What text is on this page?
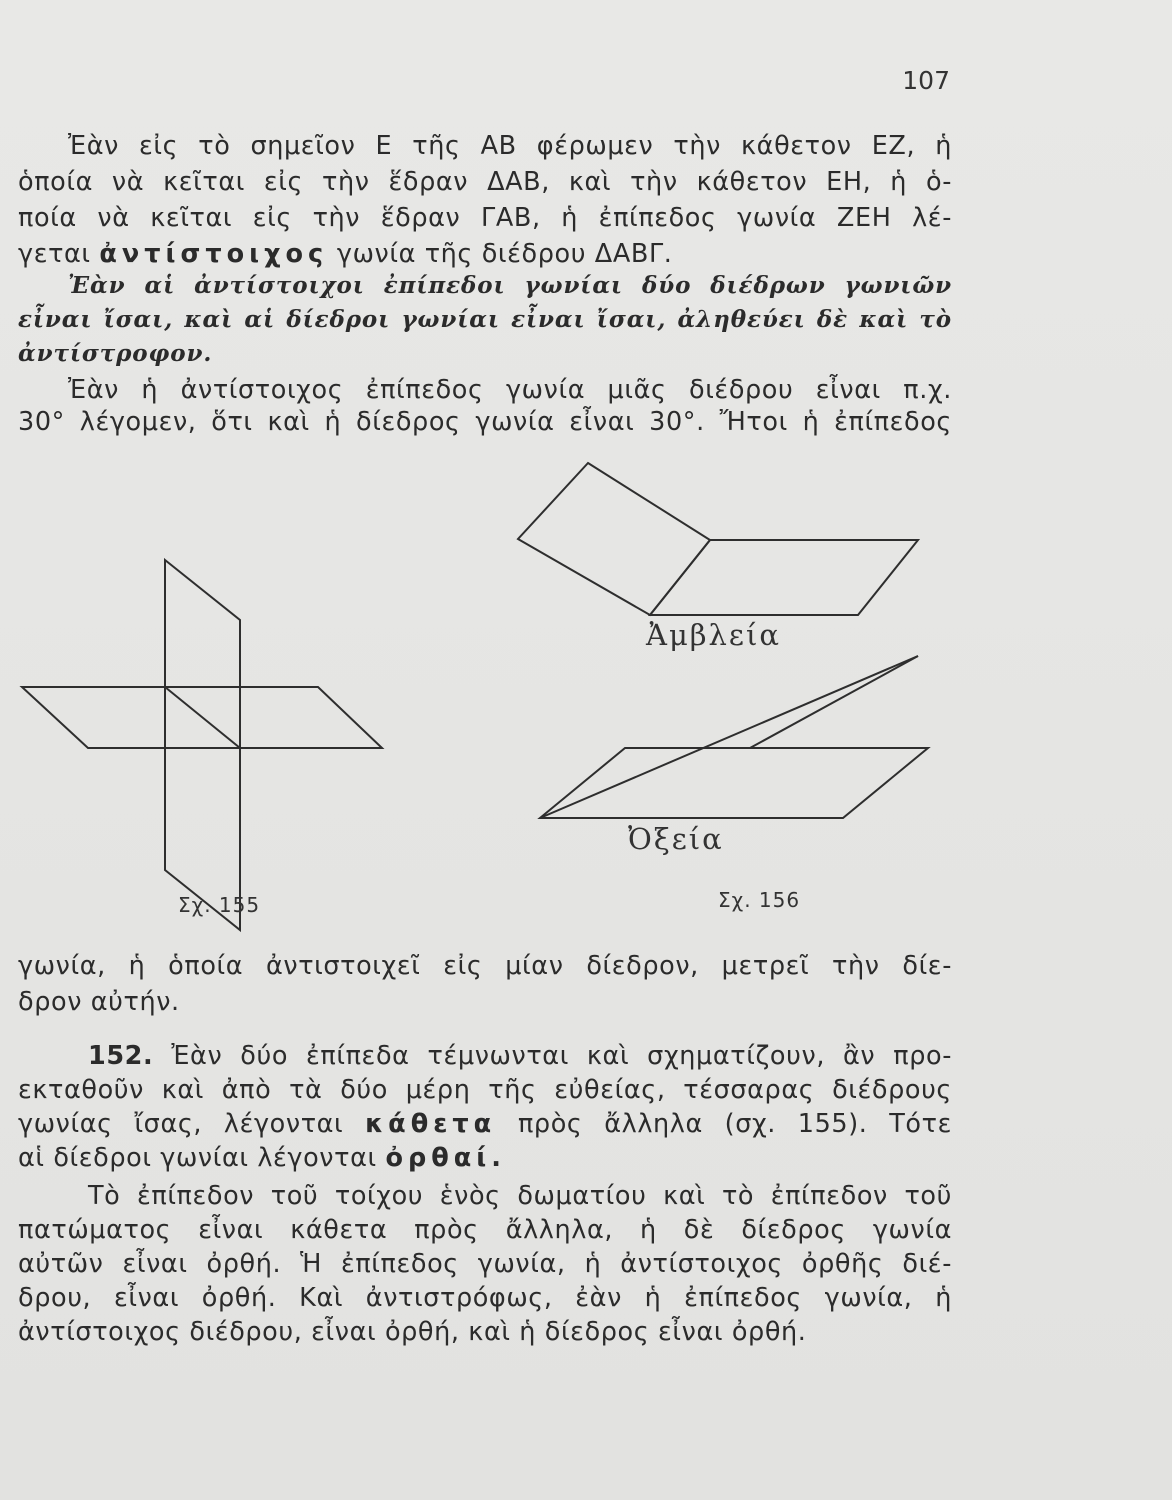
107
Ἐὰν εἰς τὸ σημεῖον Ε τῆς ΑΒ φέρωμεν τὴν κάθετον ΕΖ, ἡ
ὁποία νὰ κεῖται εἰς τὴν ἕδραν ΔΑΒ, καὶ τὴν κάθετον ΕΗ, ἡ ὁ-
ποία νὰ κεῖται εἰς τὴν ἕδραν ΓΑΒ, ἡ ἐπίπεδος γωνία ΖΕΗ λέ-
γεται ἀντίστοιχος γωνία τῆς διέδρου ΔΑΒΓ.
Ἐὰν αἱ ἀντίστοιχοι ἐπίπεδοι γωνίαι δύο διέδρων γωνιῶν
εἶναι ἴσαι, καὶ αἱ δίεδροι γωνίαι εἶναι ἴσαι, ἀληθεύει δὲ καὶ τὸ
ἀντίστροφον.
Ἐὰν ἡ ἀντίστοιχος ἐπίπεδος γωνία μιᾶς διέδρου εἶναι π.χ.
30° λέγομεν, ὅτι καὶ ἡ δίεδρος γωνία εἶναι 30°. Ἤτοι ἡ ἐπίπεδος
Ἀμβλεία
Ὀξεία
Σχ. 155	Σχ. 156
γωνία, ἡ ὁποία ἀντιστοιχεῖ εἰς μίαν δίεδρον, μετρεῖ τὴν δίε-
δρον αὐτήν.
152. Ἐὰν δύο ἐπίπεδα τέμνωνται καὶ σχηματίζουν, ἂν προ-
εκταθοῦν καὶ ἀπὸ τὰ δύο μέρη τῆς εὐθείας, τέσσαρας διέδρους
γωνίας ἴσας, λέγονται κάθετα πρὸς ἄλληλα (σχ. 155). Τότε
αἱ δίεδροι γωνίαι λέγονται ὀρθαί.
Τὸ ἐπίπεδον τοῦ τοίχου ἑνὸς δωματίου καὶ τὸ ἐπίπεδον τοῦ
πατώματος εἶναι κάθετα πρὸς ἄλληλα, ἡ δὲ δίεδρος γωνία
αὐτῶν εἶναι ὀρθή. Ἡ ἐπίπεδος γωνία, ἡ ἀντίστοιχος ὀρθῆς διέ-
δρου, εἶναι ὀρθή. Καὶ ἀντιστρόφως, ἐὰν ἡ ἐπίπεδος γωνία, ἡ
ἀντίστοιχος διέδρου, εἶναι ὀρθή, καὶ ἡ δίεδρος εἶναι ὀρθή.
